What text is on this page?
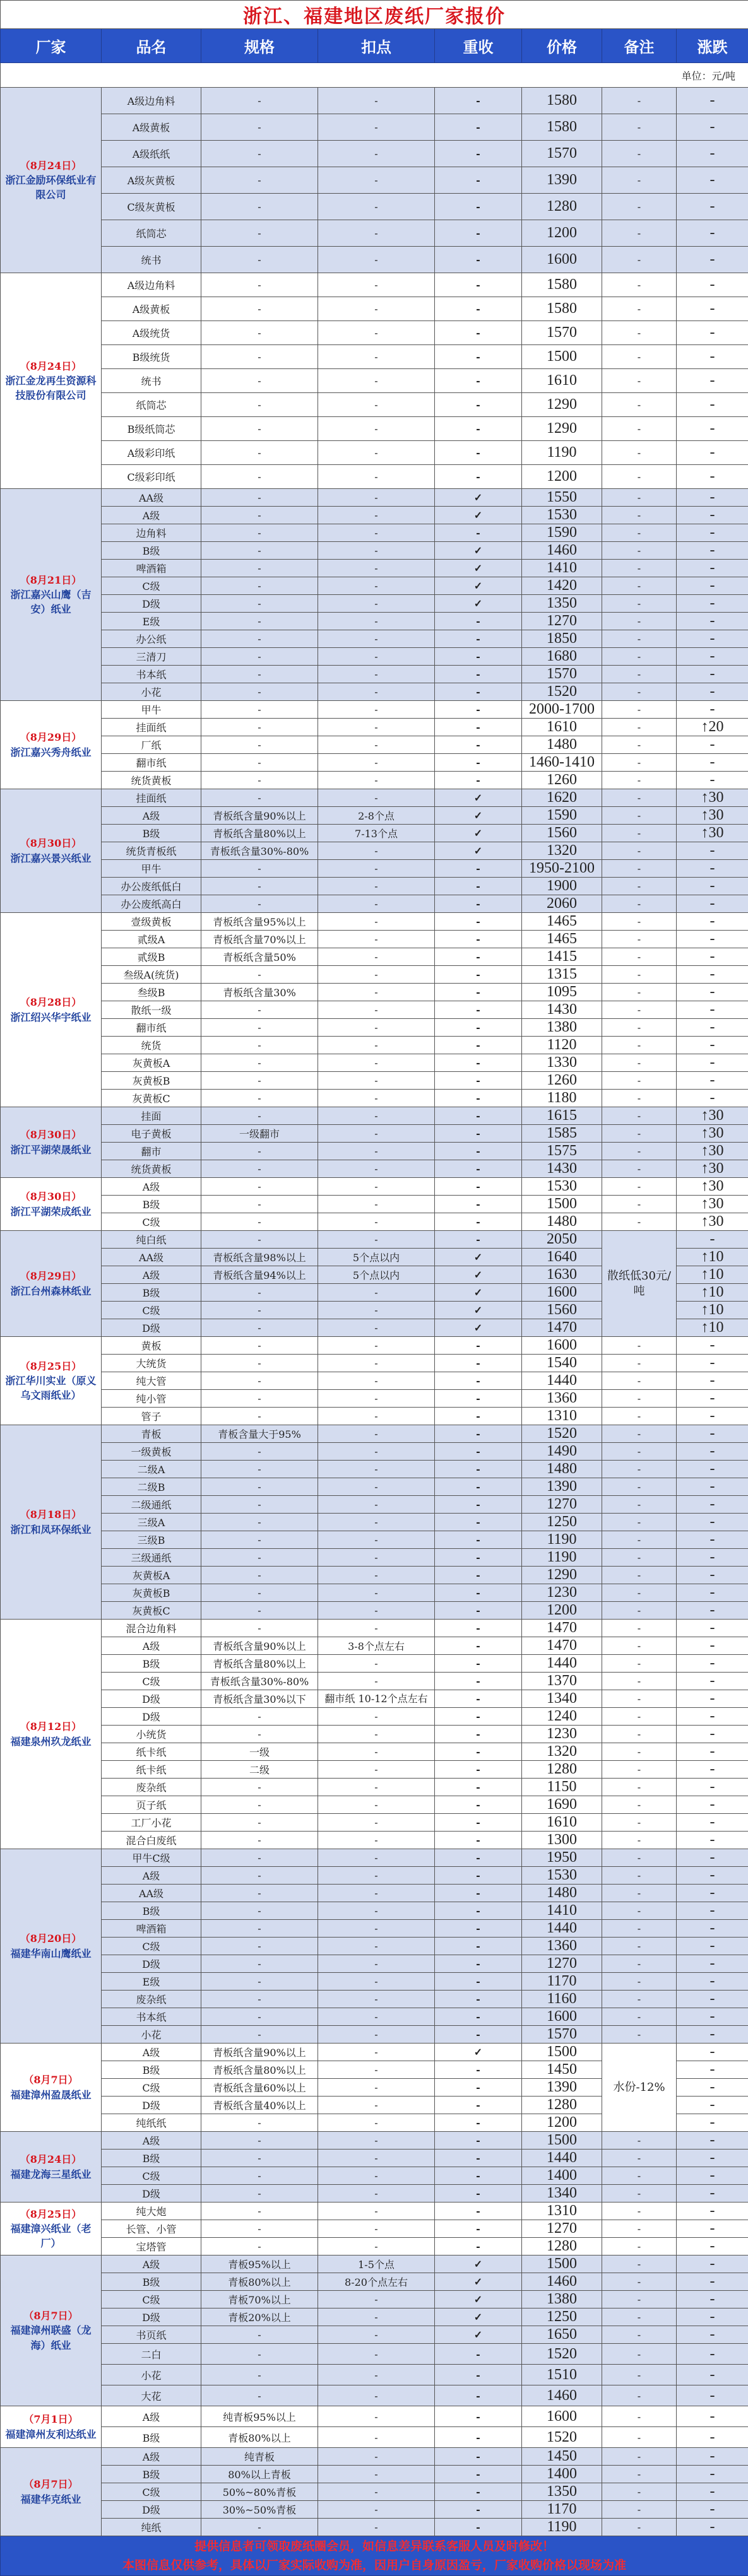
浙江、福建地区废纸厂家报价							
厂家	品名	规格	扣点	重收	价格	备注	涨跌
单位：元/吨							

（8月24日）
浙江金励环保纸业有限公司	A级边角料	-	-	-	1580	-	-
	A级黄板	-	-	-	1580	-	-
	A级纸纸	-	-	-	1570	-	-
	A级灰黄板	-	-	-	1390	-	-
	C级灰黄板	-	-	-	1280	-	-
	纸筒芯	-	-	-	1200	-	-
	统书	-	-	-	1600	-	-

（8月24日）
浙江金龙再生资源科技股份有限公司	A级边角料	-	-	-	1580	-	-
	A级黄板	-	-	-	1580	-	-
	A级统货	-	-	-	1570	-	-
	B级统货	-	-	-	1500	-	-
	统书	-	-	-	1610	-	-
	纸筒芯	-	-	-	1290	-	-
	B级纸筒芯	-	-	-	1290	-	-
	A级彩印纸	-	-	-	1190	-	-
	C级彩印纸	-	-	-	1200	-	-

（8月21日）
浙江嘉兴山鹰（吉安）纸业	AA级	-	-	✓	1550	-	-
	A级	-	-	✓	1530	-	-
	边角料	-	-	-	1590	-	-
	B级	-	-	✓	1460	-	-
	啤酒箱	-	-	✓	1410	-	-
	C级	-	-	✓	1420	-	-
	D级	-	-	✓	1350	-	-
	E级	-	-	-	1270	-	-
	办公纸	-	-	-	1850	-	-
	三清刀	-	-	-	1680	-	-
	书本纸	-	-	-	1570	-	-
	小花	-	-	-	1520	-	-

（8月29日）
浙江嘉兴秀舟纸业	甲牛	-	-	-	2000-1700	-	-
	挂面纸	-	-	-	1610	-	↑20
	厂纸	-	-	-	1480	-	-
	翻市纸	-	-	-	1460-1410	-	-
	统货黄板	-	-	-	1260	-	-

（8月30日）
浙江嘉兴景兴纸业	挂面纸	-	-	✓	1620	-	↑30
	A级	青板纸含量90%以上	2-8个点	✓	1590	-	↑30
	B级	青板纸含量80%以上	7-13个点	✓	1560	-	↑30
	统货青板纸	青板纸含量30%-80%	-	✓	1320	-	-
	甲牛	-	-	-	1950-2100	-	-
	办公废纸低白	-	-	-	1900	-	-
	办公废纸高白	-	-	-	2060	-	-

（8月28日）
浙江绍兴华宇纸业	壹级黄板	青板纸含量95%以上	-	-	1465	-	-
	贰级A	青板纸含量70%以上	-	-	1465	-	-
	贰级B	青板纸含量50%	-	-	1415	-	-
	叁级A(统货)	-	-	-	1315	-	-
	叁级B	青板纸含量30%	-	-	1095	-	-
	散纸一级	-	-	-	1430	-	-
	翻市纸	-	-	-	1380	-	-
	统货	-	-	-	1120	-	-
	灰黄板A	-	-	-	1330	-	-
	灰黄板B	-	-	-	1260	-	-
	灰黄板C	-	-	-	1180	-	-

（8月30日）
浙江平湖荣晟纸业	挂面	-	-	-	1615	-	↑30
	电子黄板	一级翻市	-	-	1585	-	↑30
	翻市	-	-	-	1575	-	↑30
	统货黄板	-	-	-	1430	-	↑30

（8月30日）
浙江平湖荣成纸业	A级	-	-	-	1530	-	↑30
	B级	-	-	-	1500	-	↑30
	C级	-	-	-	1480	-	↑30

（8月29日）
浙江台州森林纸业	纯白纸	-	-	-	2050	散纸低30元/吨	-
	AA级	青板纸含量98%以上	5个点以内	✓	1640		↑10
	A级	青板纸含量94%以上	5个点以内	✓	1630		↑10
	B级	-	-	✓	1600		↑10
	C级	-	-	✓	1560		↑10
	D级	-	-	✓	1470		↑10

（8月25日）
浙江华川实业（原义乌文雨纸业）	黄板	-	-	-	1600	-	-
	大统货	-	-	-	1540	-	-
	纯大管	-	-	-	1440	-	-
	纯小管	-	-	-	1360	-	-
	管子	-	-	-	1310	-	-

（8月18日）
浙江和凤环保纸业	青板	青板含量大于95%	-	-	1520	-	-
	一级黄板	-	-	-	1490	-	-
	二级A	-	-	-	1480	-	-
	二级B	-	-	-	1390	-	-
	二级通纸	-	-	-	1270	-	-
	三级A	-	-	-	1250	-	-
	三级B	-	-	-	1190	-	-
	三级通纸	-	-	-	1190	-	-
	灰黄板A	-	-	-	1290	-	-
	灰黄板B	-	-	-	1230	-	-
	灰黄板C	-	-	-	1200	-	-

（8月12日）
福建泉州玖龙纸业	混合边角料	-	-	-	1470	-	-
	A级	青板纸含量90%以上	3-8个点左右	-	1470	-	-
	B级	青板纸含量80%以上	-	-	1440	-	-
	C级	青板纸含量30%-80%	-	-	1370	-	-
	D级	青板纸含量30%以下	翻市纸 10-12个点左右	-	1340	-	-
	D级	-	-	-	1240	-	-
	小统货	-	-	-	1230	-	-
	纸卡纸	一级	-	-	1320	-	-
	纸卡纸	二级	-	-	1280	-	-
	废杂纸	-	-	-	1150	-	-
	页子纸	-	-	-	1690	-	-
	工厂小花	-	-	-	1610	-	-
	混合白废纸	-	-	-	1300	-	-

（8月20日）
福建华南山鹰纸业	甲牛C级	-	-	-	1950	-	-
	A级	-	-	-	1530	-	-
	AA级	-	-	-	1480	-	-
	B级	-	-	-	1410	-	-
	啤酒箱	-	-	-	1440	-	-
	C级	-	-	-	1360	-	-
	D级	-	-	-	1270	-	-
	E级	-	-	-	1170	-	-
	废杂纸	-	-	-	1160	-	-
	书本纸	-	-	-	1600	-	-
	小花	-	-	-	1570	-	-

（8月7日）
福建漳州盈晟纸业	A级	青板纸含量90%以上	-	✓	1500	水份-12%	-
	B级	青板纸含量80%以上	-	-	1450		-
	C级	青板纸含量60%以上	-	-	1390		-
	D级	青板纸含量40%以上	-	-	1280		-
	纯纸纸	-	-	-	1200		-

（8月24日）
福建龙海三星纸业	A级	-	-	-	1500	-	-
	B级	-	-	-	1440	-	-
	C级	-	-	-	1400	-	-
	D级	-	-	-	1340	-	-

（8月25日）
福建漳兴纸业（老厂）	纯大炮	-	-	-	1310	-	-
	长管、小管	-	-	-	1270	-	-
	宝塔管	-	-	-	1280	-	-

（8月7日）
福建漳州联盛（龙海）纸业	A级	青板95%以上	1-5个点	✓	1500	-	-
	B级	青板80%以上	8-20个点左右	✓	1460	-	-
	C级	青板70%以上	-	✓	1380	-	-
	D级	青板20%以上	-	✓	1250	-	-
	书页纸	-	-	✓	1650	-	-
	二白	-	-	-	1520	-	-
	小花	-	-	-	1510	-	-
	大花	-	-	-	1460	-	-

（7月1日）
福建漳州友利达纸业	A级	纯青板95%以上	-	-	1600	-	-
	B级	青板80%以上	-	-	1520	-	-

（8月7日）
福建华克纸业	A级	纯青板	-	-	1450	-	-
	B级	80%以上青板	-	-	1400	-	-
	C级	50%~80%青板	-	-	1350	-	-
	D级	30%~50%青板	-	-	1170	-	-
	纯纸	-	-	-	1190	-	-
提供信息者可领取废纸圈会员，如信息差异联系客服人员及时修改！
本图信息仅供参考，具体以厂家实际收购为准，因用户自身原因盈亏，厂家收购价格以现场为准							
